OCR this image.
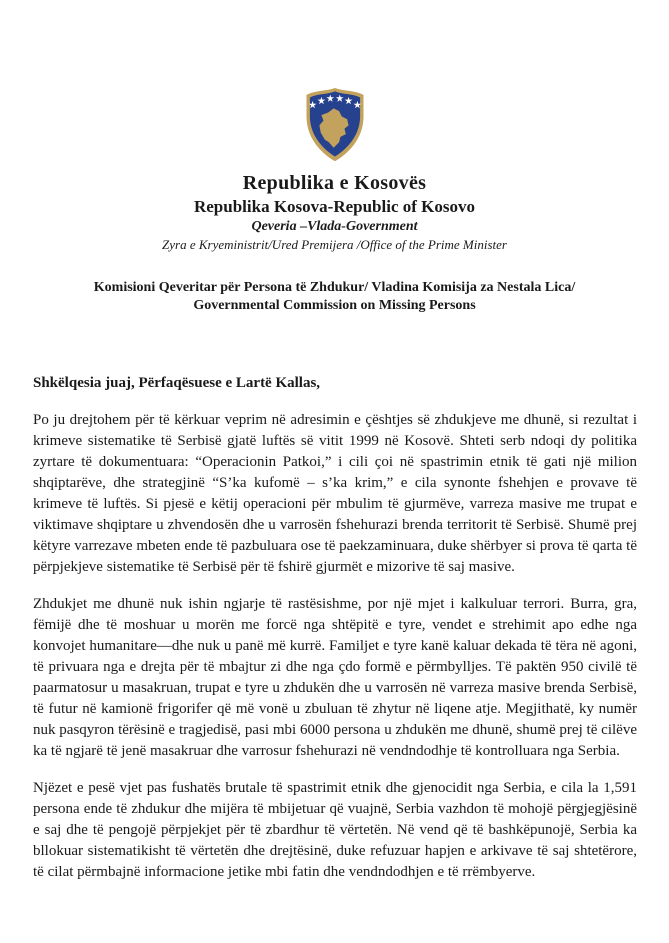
Republika e Kosovës
Republika Kosova-Republic of Kosovo
Qeveria –Vlada-Government
Zyra e Kryeministrit/Ured Premijera /Office of the Prime Minister
Komisioni Qeveritar për Persona të Zhdukur/ Vladina Komisija za Nestala Lica/ Governmental Commission on Missing Persons

Shkëlqesia juaj, Përfaqësuese e Lartë Kallas,

Po ju drejtohem për të kërkuar veprim në adresimin e çështjes së zhdukjeve me dhunë, si rezultat i krimeve sistematike të Serbisë gjatë luftës së vitit 1999 në Kosovë. Shteti serb ndoqi dy politika zyrtare të dokumentuara: “Operacionin Patkoi,” i cili çoi në spastrimin etnik të gati një milion shqiptarëve, dhe strategjinë “S’ka kufomë – s’ka krim,” e cila synonte fshehjen e provave të krimeve të luftës. Si pjesë e këtij operacioni për mbulim të gjurmëve, varreza masive me trupat e viktimave shqiptare u zhvendosën dhe u varrosën fshehurazi brenda territorit të Serbisë. Shumë prej këtyre varrezave mbeten ende të pazbuluara ose të paekzaminuara, duke shërbyer si prova të qarta të përpjekjeve sistematike të Serbisë për të fshirë gjurmët e mizorive të saj masive.

Zhdukjet me dhunë nuk ishin ngjarje të rastësishme, por një mjet i kalkuluar terrori. Burra, gra, fëmijë dhe të moshuar u morën me forcë nga shtëpitë e tyre, vendet e strehimit apo edhe nga konvojet humanitare—dhe nuk u panë më kurrë. Familjet e tyre kanë kaluar dekada të tëra në agoni, të privuara nga e drejta për të mbajtur zi dhe nga çdo formë e përmbylljes. Të paktën 950 civilë të paarmatosur u masakruan, trupat e tyre u zhdukën dhe u varrosën në varreza masive brenda Serbisë, të futur në kamionë frigorifer që më vonë u zbuluan të zhytur në liqene atje. Megjithatë, ky numër nuk pasqyron tërësinë e tragjedisë, pasi mbi 6000 persona u zhdukën me dhunë, shumë prej të cilëve ka të ngjarë të jenë masakruar dhe varrosur fshehurazi në vendndodhje të kontrolluara nga Serbia.

Njëzet e pesë vjet pas fushatës brutale të spastrimit etnik dhe gjenocidit nga Serbia, e cila la 1,591 persona ende të zhdukur dhe mijëra të mbijetuar që vuajnë, Serbia vazhdon të mohojë përgjegjësinë e saj dhe të pengojë përpjekjet për të zbardhur të vërtetën. Në vend që të bashkëpunojë, Serbia ka bllokuar sistematikisht të vërtetën dhe drejtësinë, duke refuzuar hapjen e arkivave të saj shtetërore, të cilat përmbajnë informacione jetike mbi fatin dhe vendndodhjen e të rrëmbyerve.
